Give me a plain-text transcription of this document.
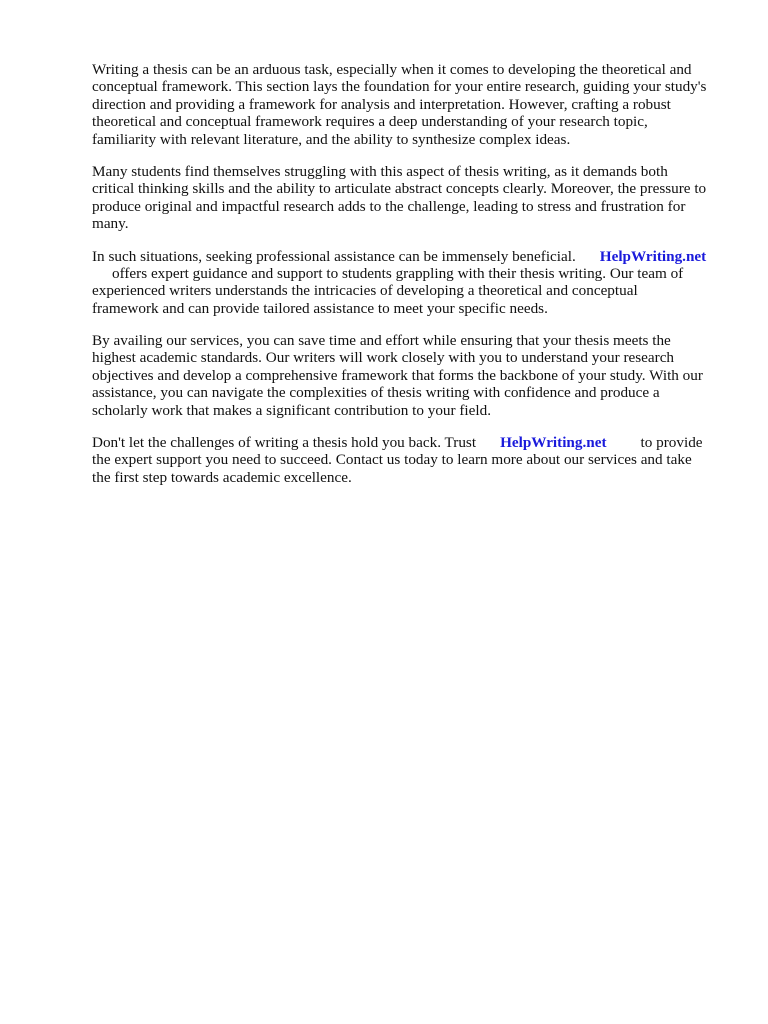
Writing a thesis can be an arduous task, especially when it comes to developing the theoretical and
conceptual framework. This section lays the foundation for your entire research, guiding your study's
direction and providing a framework for analysis and interpretation. However, crafting a robust
theoretical and conceptual framework requires a deep understanding of your research topic,
familiarity with relevant literature, and the ability to synthesize complex ideas.

Many students find themselves struggling with this aspect of thesis writing, as it demands both
critical thinking skills and the ability to articulate abstract concepts clearly. Moreover, the pressure to
produce original and impactful research adds to the challenge, leading to stress and frustration for
many.

In such situations, seeking professional assistance can be immensely beneficial. HelpWriting.net
offers expert guidance and support to students grappling with their thesis writing. Our team of
experienced writers understands the intricacies of developing a theoretical and conceptual
framework and can provide tailored assistance to meet your specific needs.

By availing our services, you can save time and effort while ensuring that your thesis meets the
highest academic standards. Our writers will work closely with you to understand your research
objectives and develop a comprehensive framework that forms the backbone of your study. With our
assistance, you can navigate the complexities of thesis writing with confidence and produce a
scholarly work that makes a significant contribution to your field.

Don't let the challenges of writing a thesis hold you back. Trust HelpWriting.net to provide
the expert support you need to succeed. Contact us today to learn more about our services and take
the first step towards academic excellence.
